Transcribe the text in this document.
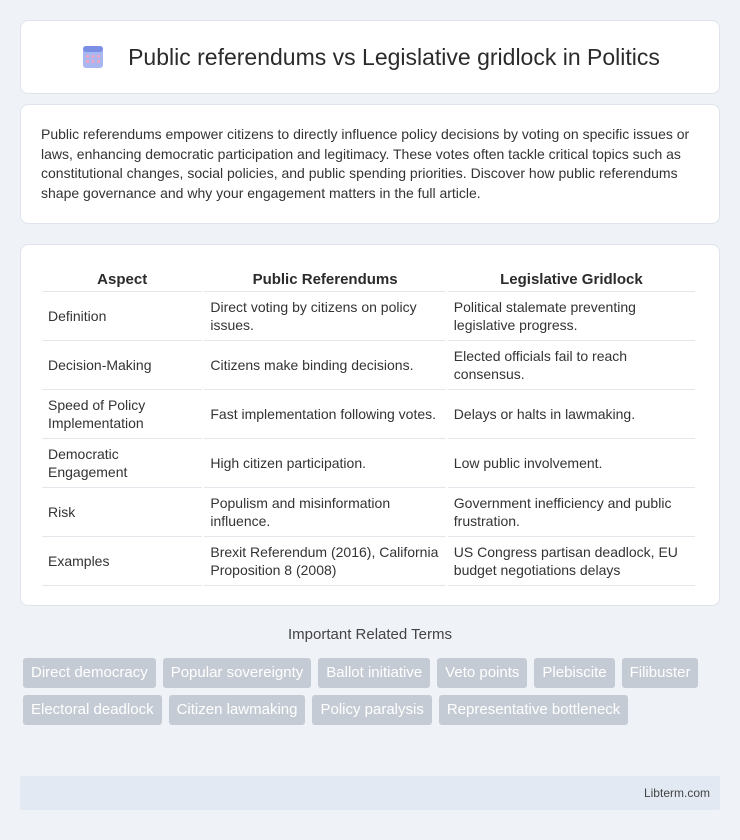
Public referendums vs Legislative gridlock in Politics

Public referendums empower citizens to directly influence policy decisions by voting on specific issues or laws, enhancing democratic participation and legitimacy. These votes often tackle critical topics such as constitutional changes, social policies, and public spending priorities. Discover how public referendums shape governance and why your engagement matters in the full article.

Aspect	Public Referendums	Legislative Gridlock
Definition	Direct voting by citizens on policy issues.	Political stalemate preventing legislative progress.
Decision-Making	Citizens make binding decisions.	Elected officials fail to reach consensus.
Speed of Policy Implementation	Fast implementation following votes.	Delays or halts in lawmaking.
Democratic Engagement	High citizen participation.	Low public involvement.
Risk	Populism and misinformation influence.	Government inefficiency and public frustration.
Examples	Brexit Referendum (2016), California Proposition 8 (2008)	US Congress partisan deadlock, EU budget negotiations delays
Important Related Terms
Direct democracy	Popular sovereignty	Ballot initiative	Veto points	Plebiscite	Filibuster
Electoral deadlock	Citizen lawmaking	Policy paralysis	Representative bottleneck
Libterm.com
